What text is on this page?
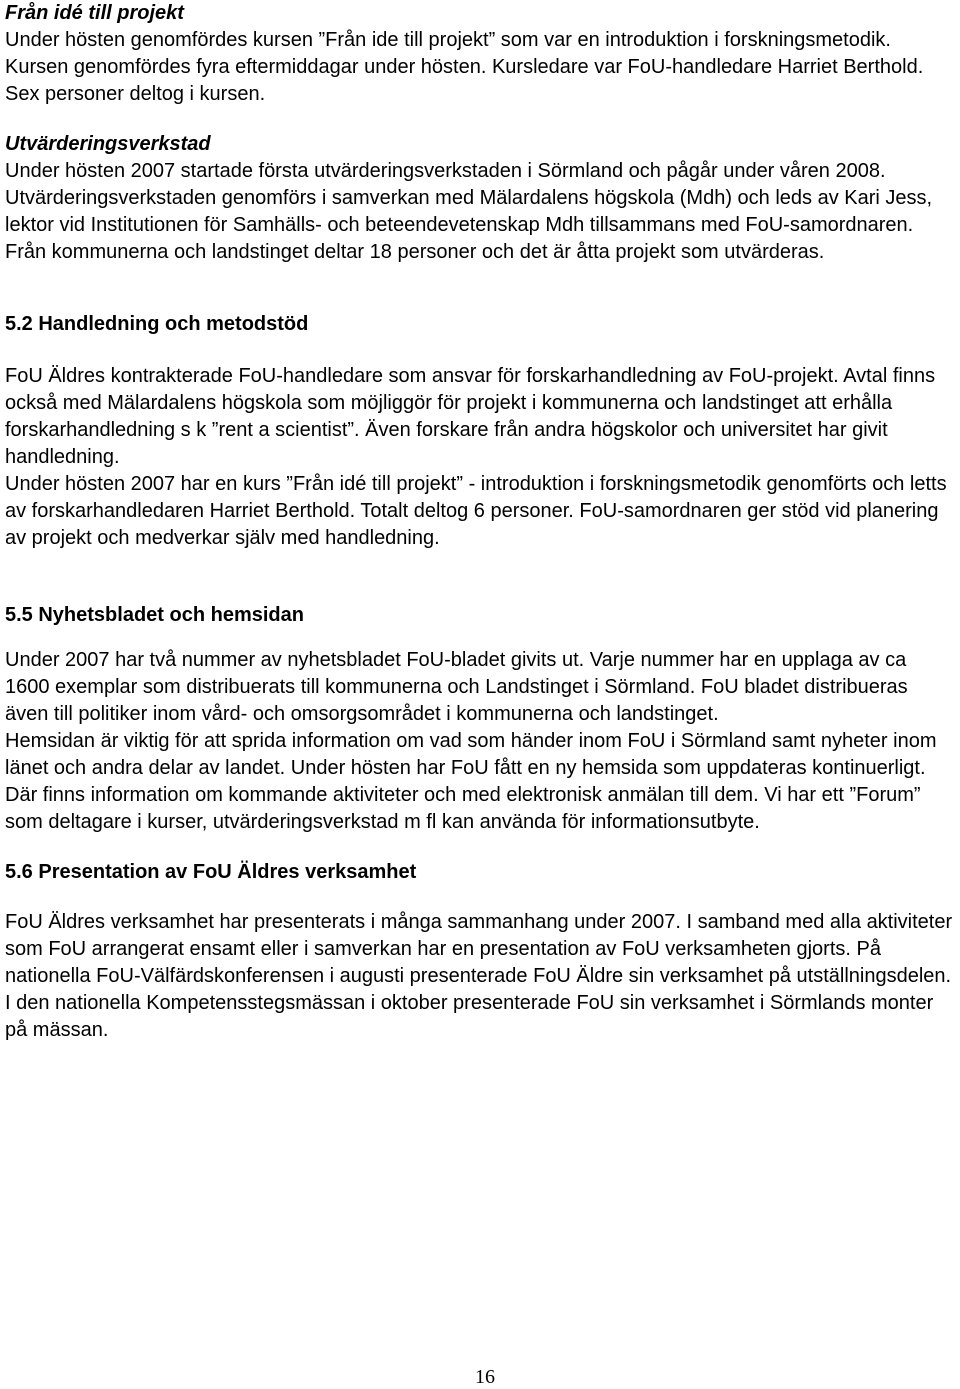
Från idé till projekt

Under hösten genomfördes kursen ”Från ide till projekt” som var en introduktion i forskningsmetodik. Kursen genomfördes fyra eftermiddagar under hösten. Kursledare var FoU-handledare Harriet Berthold. Sex personer deltog i kursen.

Utvärderingsverkstad

Under hösten 2007 startade första utvärderingsverkstaden i Sörmland och pågår under våren 2008. Utvärderingsverkstaden genomförs i samverkan med Mälardalens högskola (Mdh) och leds av Kari Jess, lektor vid Institutionen för Samhälls- och beteendevetenskap Mdh tillsammans med FoU-samordnaren. Från kommunerna och landstinget deltar 18 personer och det är åtta projekt som utvärderas.

5.2 Handledning och metodstöd

FoU Äldres kontrakterade FoU-handledare som ansvar för forskarhandledning av FoU-projekt. Avtal finns också med Mälardalens högskola som möjliggör för projekt i kommunerna och landstinget att erhålla forskarhandledning s k ”rent a scientist”. Även forskare från andra högskolor och universitet har givit handledning.

Under hösten 2007 har en kurs ”Från idé till projekt” - introduktion i forskningsmetodik genomförts och letts av forskarhandledaren Harriet Berthold. Totalt deltog 6 personer. FoU-samordnaren ger stöd vid planering av projekt och medverkar själv med handledning.

5.5 Nyhetsbladet och hemsidan

Under 2007 har två nummer av nyhetsbladet FoU-bladet givits ut. Varje nummer har en upplaga av ca 1600 exemplar som distribuerats till kommunerna och Landstinget i Sörmland. FoU bladet distribueras även till politiker inom vård- och omsorgsområdet i kommunerna och landstinget.

Hemsidan är viktig för att sprida information om vad som händer inom FoU i Sörmland samt nyheter inom länet och andra delar av landet. Under hösten har FoU fått en ny hemsida som uppdateras kontinuerligt. Där finns information om kommande aktiviteter och med elektronisk anmälan till dem. Vi har ett ”Forum” som deltagare i kurser, utvärderingsverkstad m fl kan använda för informationsutbyte.

5.6 Presentation av FoU Äldres verksamhet

FoU Äldres verksamhet har presenterats i många sammanhang under 2007. I samband med alla aktiviteter som FoU arrangerat ensamt eller i samverkan har en presentation av FoU verksamheten gjorts. På nationella FoU-Välfärdskonferensen i augusti presenterade FoU Äldre sin verksamhet på utställningsdelen. I den nationella Kompetensstegsmässan i oktober presenterade FoU sin verksamhet i Sörmlands monter på mässan.

16
